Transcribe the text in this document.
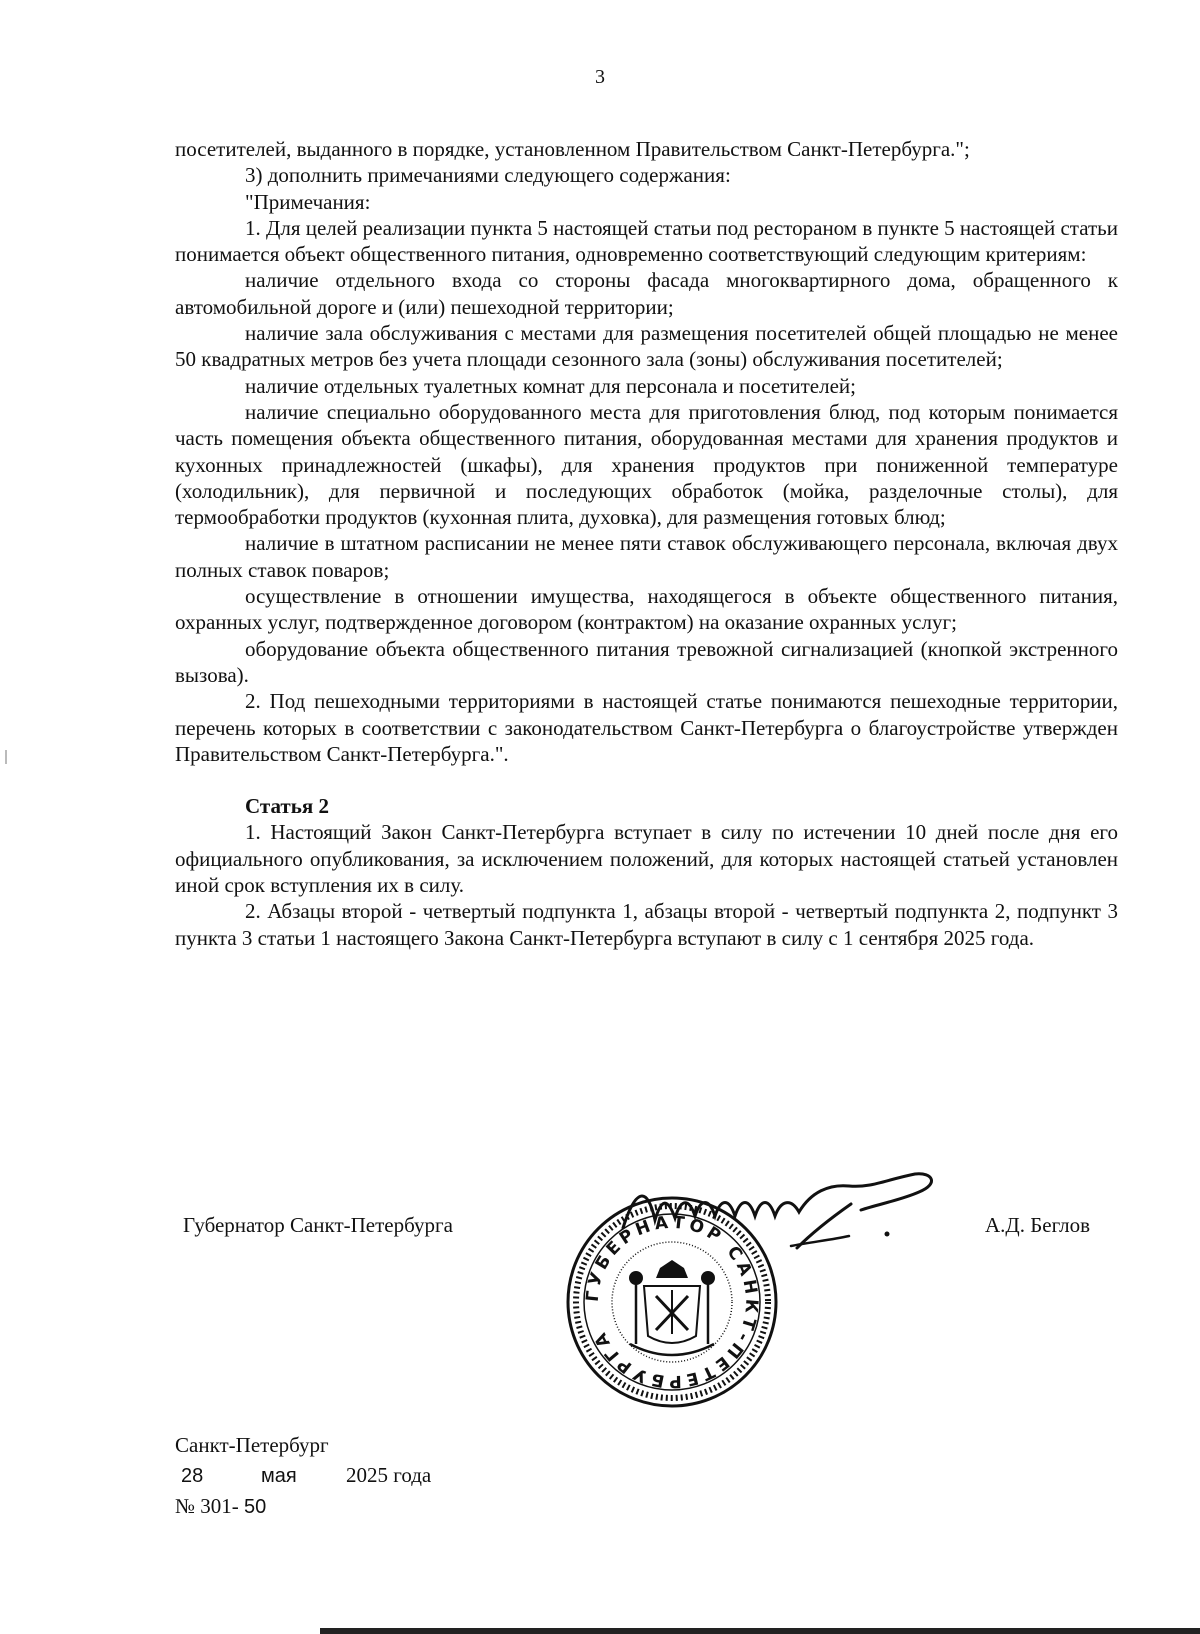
3

посетителей, выданного в порядке, установленном Правительством Санкт-Петербурга.";

3) дополнить примечаниями следующего содержания:

"Примечания:

1. Для целей реализации пункта 5 настоящей статьи под рестораном в пункте 5 настоящей статьи понимается объект общественного питания, одновременно соответствующий следующим критериям:

наличие отдельного входа со стороны фасада многоквартирного дома, обращенного к автомобильной дороге и (или) пешеходной территории;

наличие зала обслуживания с местами для размещения посетителей общей площадью не менее 50 квадратных метров без учета площади сезонного зала (зоны) обслуживания посетителей;

наличие отдельных туалетных комнат для персонала и посетителей;

наличие специально оборудованного места для приготовления блюд, под которым понимается часть помещения объекта общественного питания, оборудованная местами для хранения продуктов и кухонных принадлежностей (шкафы), для хранения продуктов при пониженной температуре (холодильник), для первичной и последующих обработок (мойка, разделочные столы), для термообработки продуктов (кухонная плита, духовка), для размещения готовых блюд;

наличие в штатном расписании не менее пяти ставок обслуживающего персонала, включая двух полных ставок поваров;

осуществление в отношении имущества, находящегося в объекте общественного питания, охранных услуг, подтвержденное договором (контрактом) на оказание охранных услуг;

оборудование объекта общественного питания тревожной сигнализацией (кнопкой экстренного вызова).

2. Под пешеходными территориями в настоящей статье понимаются пешеходные территории, перечень которых в соответствии с законодательством Санкт-Петербурга о благоустройстве утвержден Правительством Санкт-Петербурга.".

Статья 2

1. Настоящий Закон Санкт-Петербурга вступает в силу по истечении 10 дней после дня его официального опубликования, за исключением положений, для которых настоящей статьей установлен иной срок вступления их в силу.

2. Абзацы второй - четвертый подпункта 1, абзацы второй - четвертый подпункта 2, подпункт 3 пункта 3 статьи 1 настоящего Закона Санкт-Петербурга вступают в силу с 1 сентября 2025 года.

Губернатор Санкт-Петербурга
ГУБЕРНАТОР САНКТ-ПЕТЕРБУРГА
А.Д. Беглов
Санкт-Петербург
28	мая 2025 года
№ 301- 50
